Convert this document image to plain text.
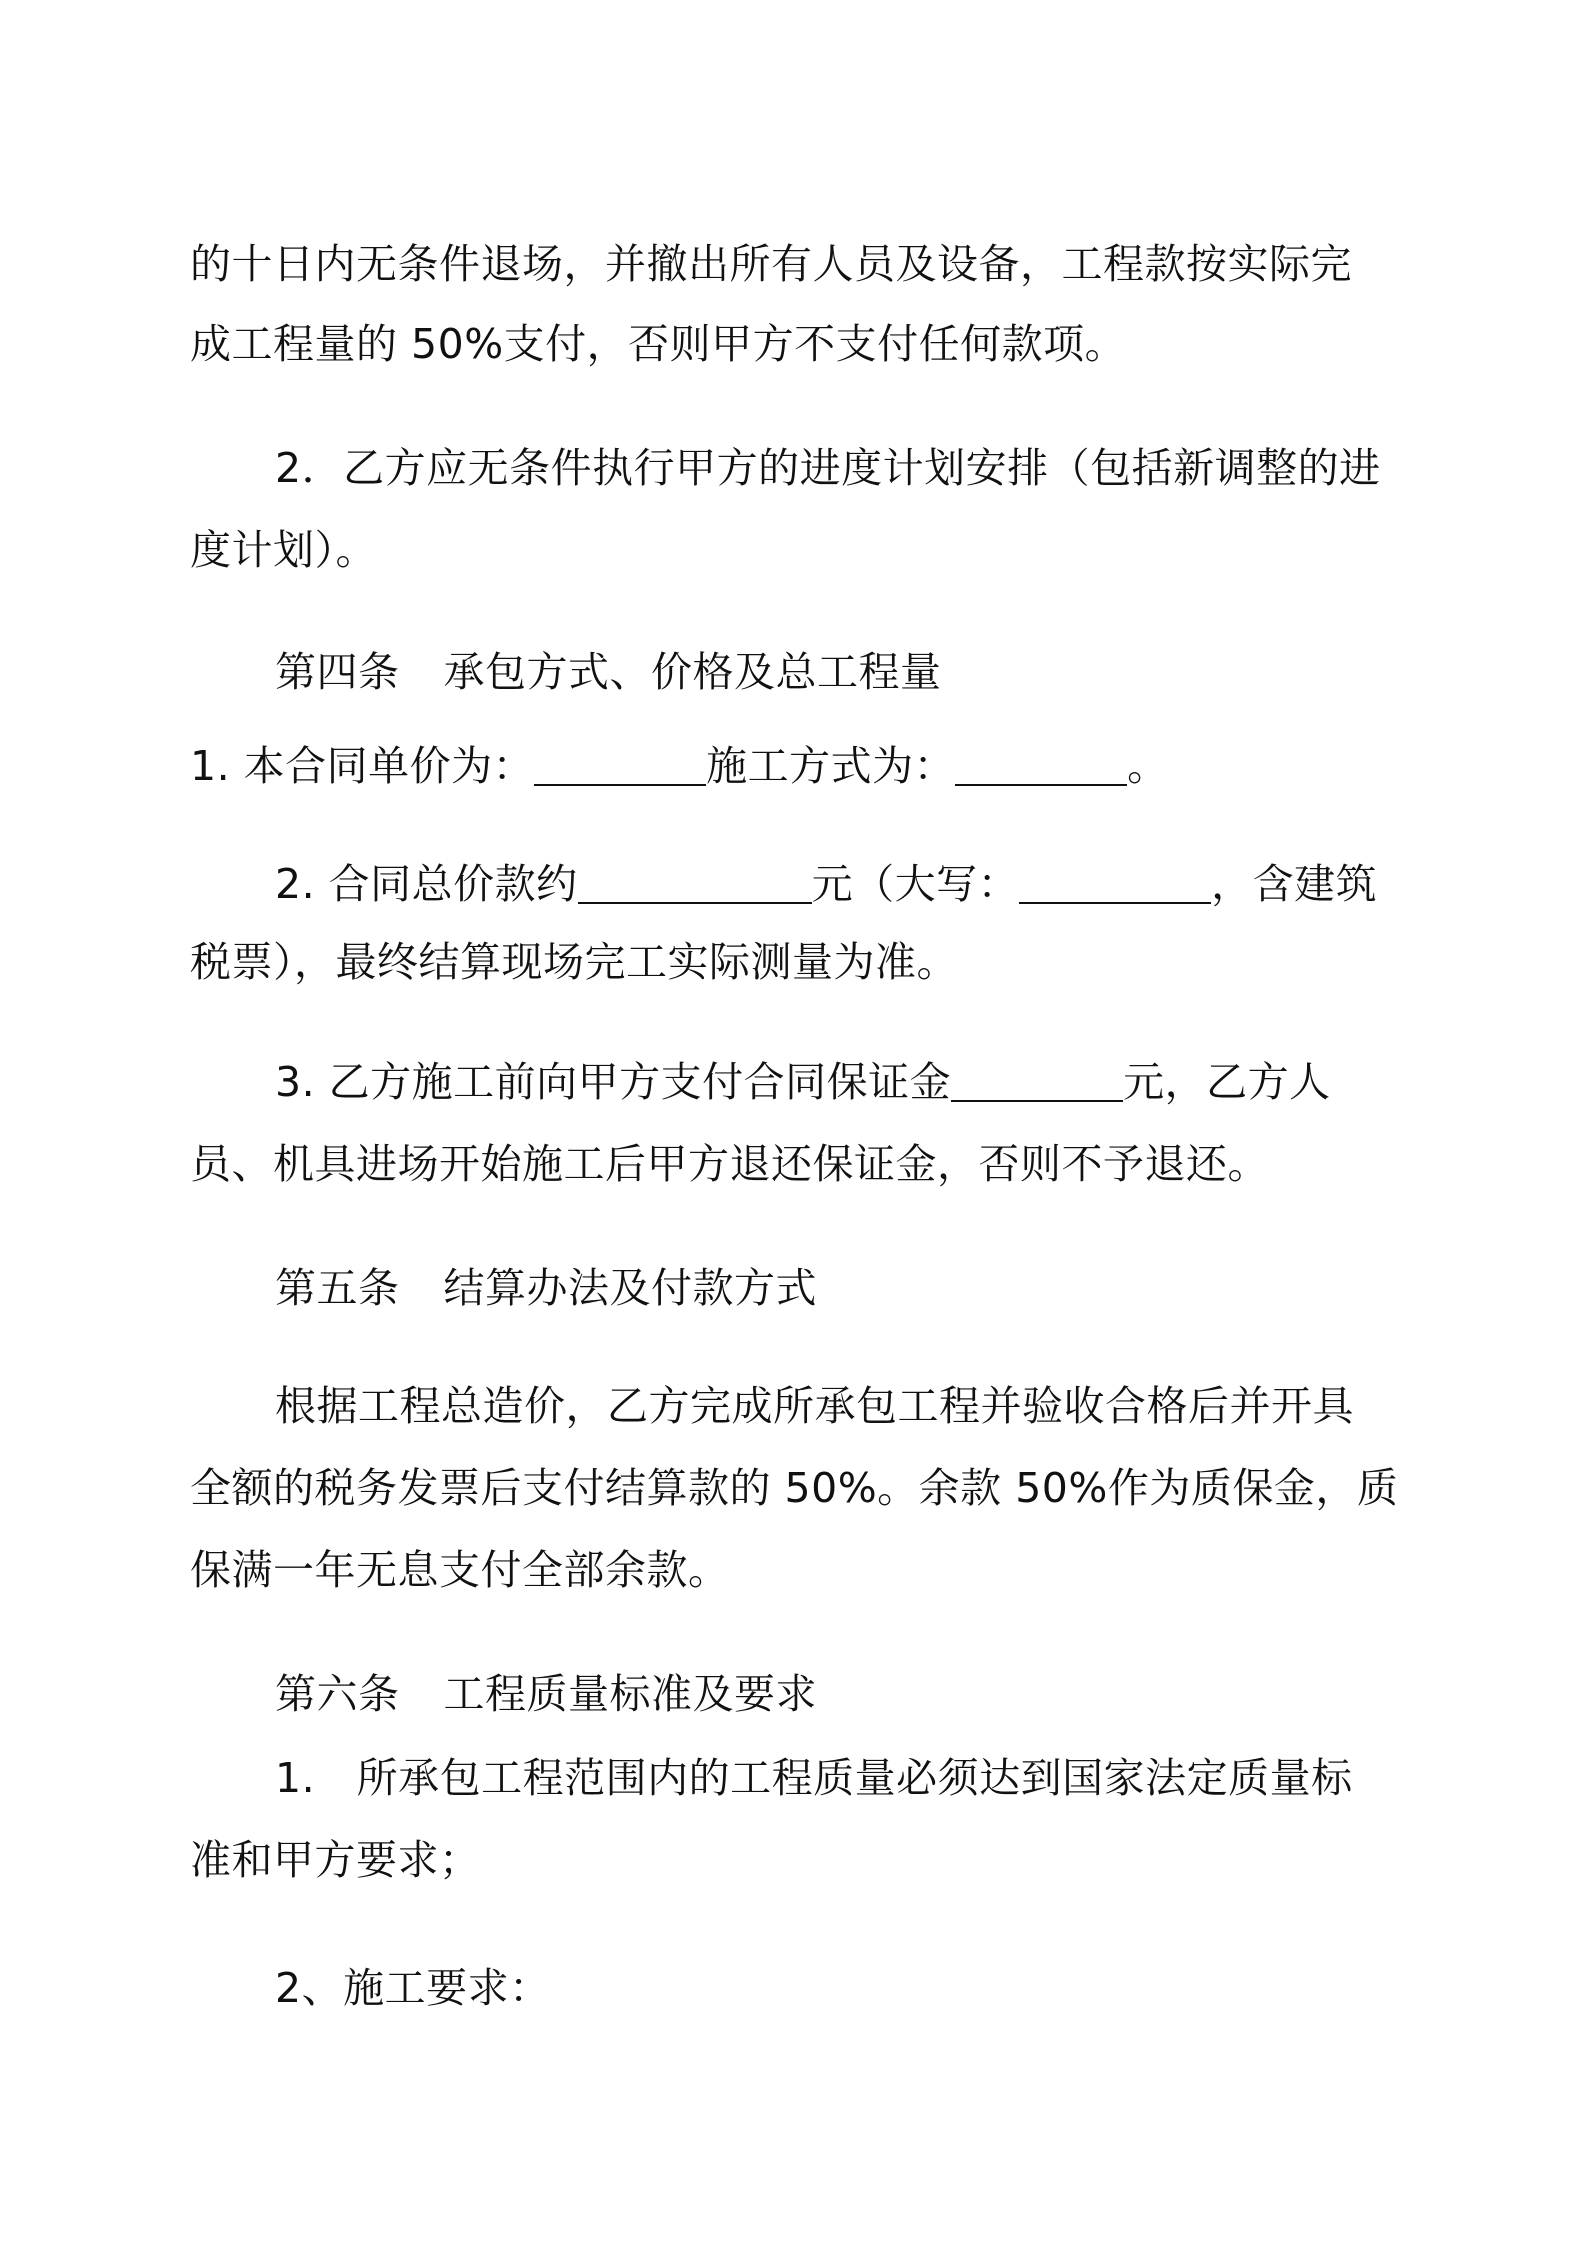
的十日内无条件退场，并撤出所有人员及设备，工程款按实际完
成工程量的 50%支付，否则甲方不支付任何款项。
2．乙方应无条件执行甲方的进度计划安排（包括新调整的进
度计划）。
第四条 承包方式、价格及总工程量
1. 本合同单价为：	施工方式为：	。
2. 合同总价款约	元（大写：	，含建筑
税票），最终结算现场完工实际测量为准。
3. 乙方施工前向甲方支付合同保证金	元，乙方人
员、机具进场开始施工后甲方退还保证金，否则不予退还。
第五条 结算办法及付款方式
根据工程总造价，乙方完成所承包工程并验收合格后并开具
全额的税务发票后支付结算款的 50%。余款 50%作为质保金，质
保满一年无息支付全部余款。
第六条 工程质量标准及要求
1.　所承包工程范围内的工程质量必须达到国家法定质量标
准和甲方要求；
2、施工要求：
